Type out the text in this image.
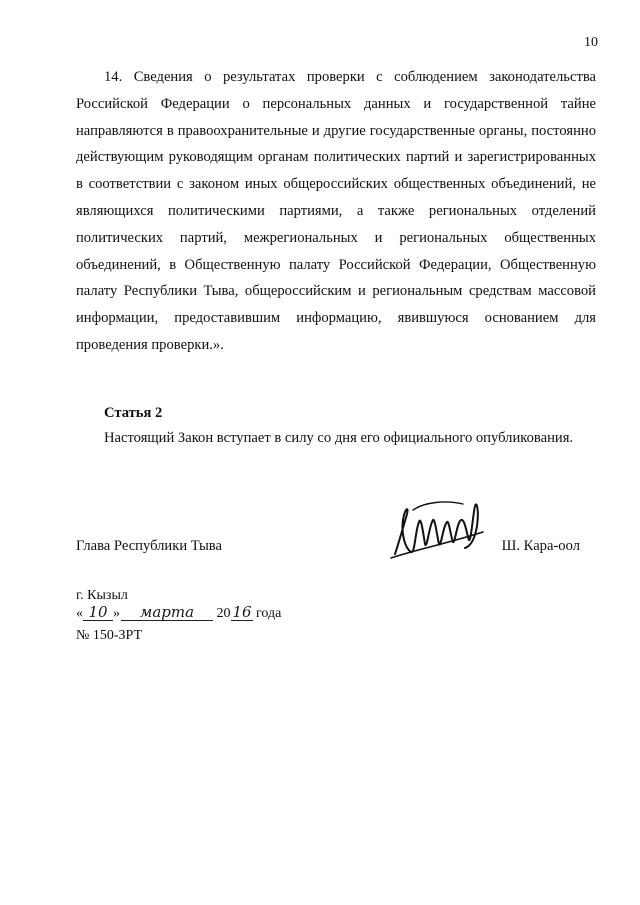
10

14. Сведения о результатах проверки с соблюдением законодательства Российской Федерации о персональных данных и государственной тайне направляются в правоохранительные и другие государственные органы, постоянно действующим руководящим органам политических партий и зарегистрированных в соответствии с законом иных общероссийских общественных объединений, не являющихся политическими партиями, а также региональных отделений политических партий, межрегиональных и региональных общественных объединений, в Общественную палату Российской Федерации, Общественную палату Республики Тыва, общероссийским и региональным средствам массовой информации, предоставившим информацию, явившуюся основанием для проведения проверки.».

Статья 2

Настоящий Закон вступает в силу со дня его официального опубликования.

Глава Республики Тыва	Ш. Кара-оол
г. Кызыл
« 10 » марта 20 16 года
№ 150-ЗРТ
